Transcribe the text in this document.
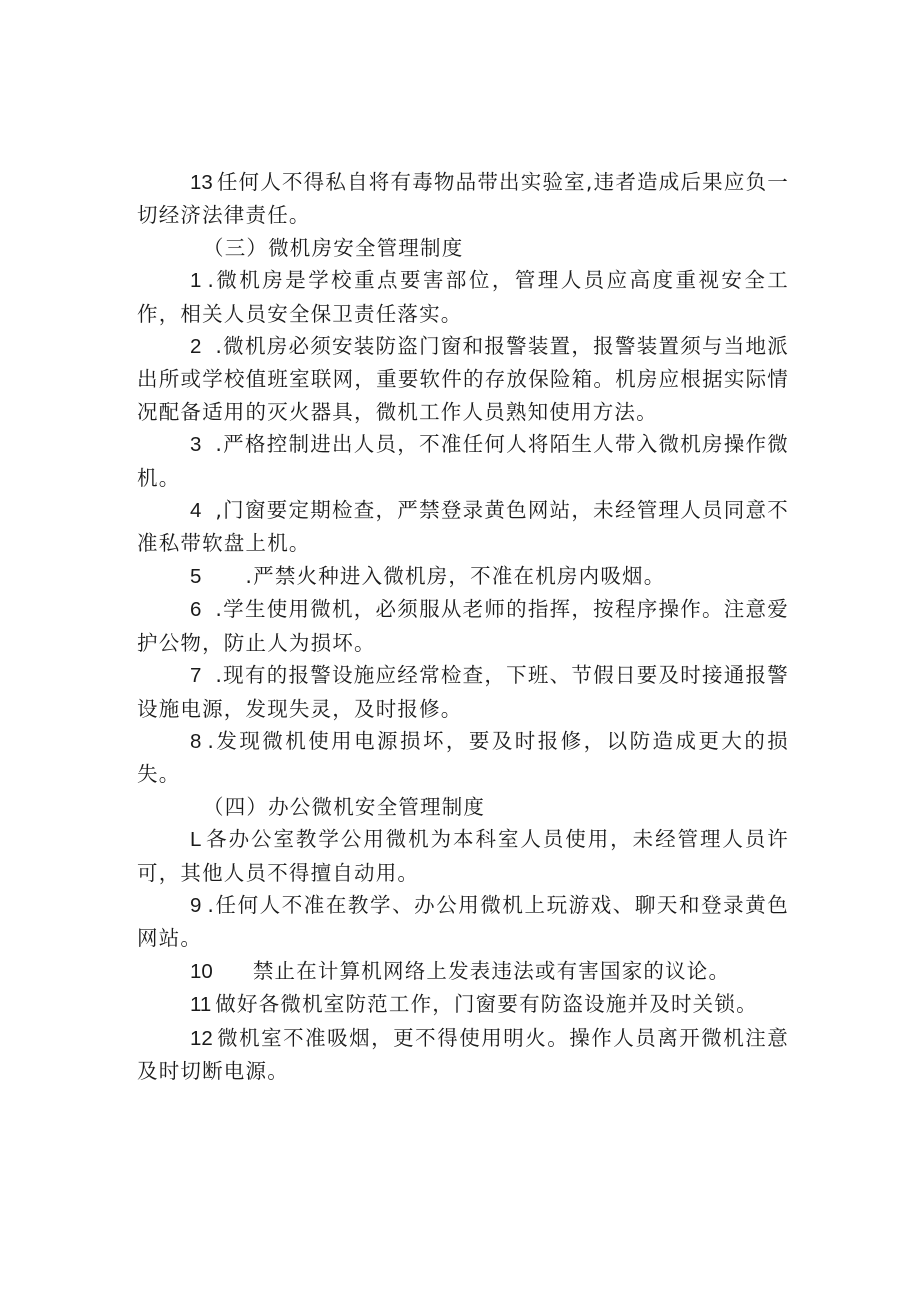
13 任何人不得私自将有毒物品带出实验室,违者造成后果应负一切经济法律责任。

（三）微机房安全管理制度

1 .微机房是学校重点要害部位，管理人员应高度重视安全工作，相关人员安全保卫责任落实。

2 .微机房必须安装防盗门窗和报警装置，报警装置须与当地派出所或学校值班室联网，重要软件的存放保险箱。机房应根据实际情况配备适用的灭火器具，微机工作人员熟知使用方法。

3 .严格控制进出人员，不准任何人将陌生人带入微机房操作微机。

4 ,门窗要定期检查，严禁登录黄色网站，未经管理人员同意不准私带软盘上机。

5 .严禁火种进入微机房，不准在机房内吸烟。

6 .学生使用微机，必须服从老师的指挥，按程序操作。注意爱护公物，防止人为损坏。

7 .现有的报警设施应经常检查，下班、节假日要及时接通报警设施电源，发现失灵，及时报修。

8 .发现微机使用电源损坏，要及时报修，以防造成更大的损失。

（四）办公微机安全管理制度

L 各办公室教学公用微机为本科室人员使用，未经管理人员许可，其他人员不得擅自动用。

9 .任何人不准在教学、办公用微机上玩游戏、聊天和登录黄色网站。

10 禁止在计算机网络上发表违法或有害国家的议论。

11 做好各微机室防范工作，门窗要有防盗设施并及时关锁。

12 微机室不准吸烟，更不得使用明火。操作人员离开微机注意及时切断电源。
